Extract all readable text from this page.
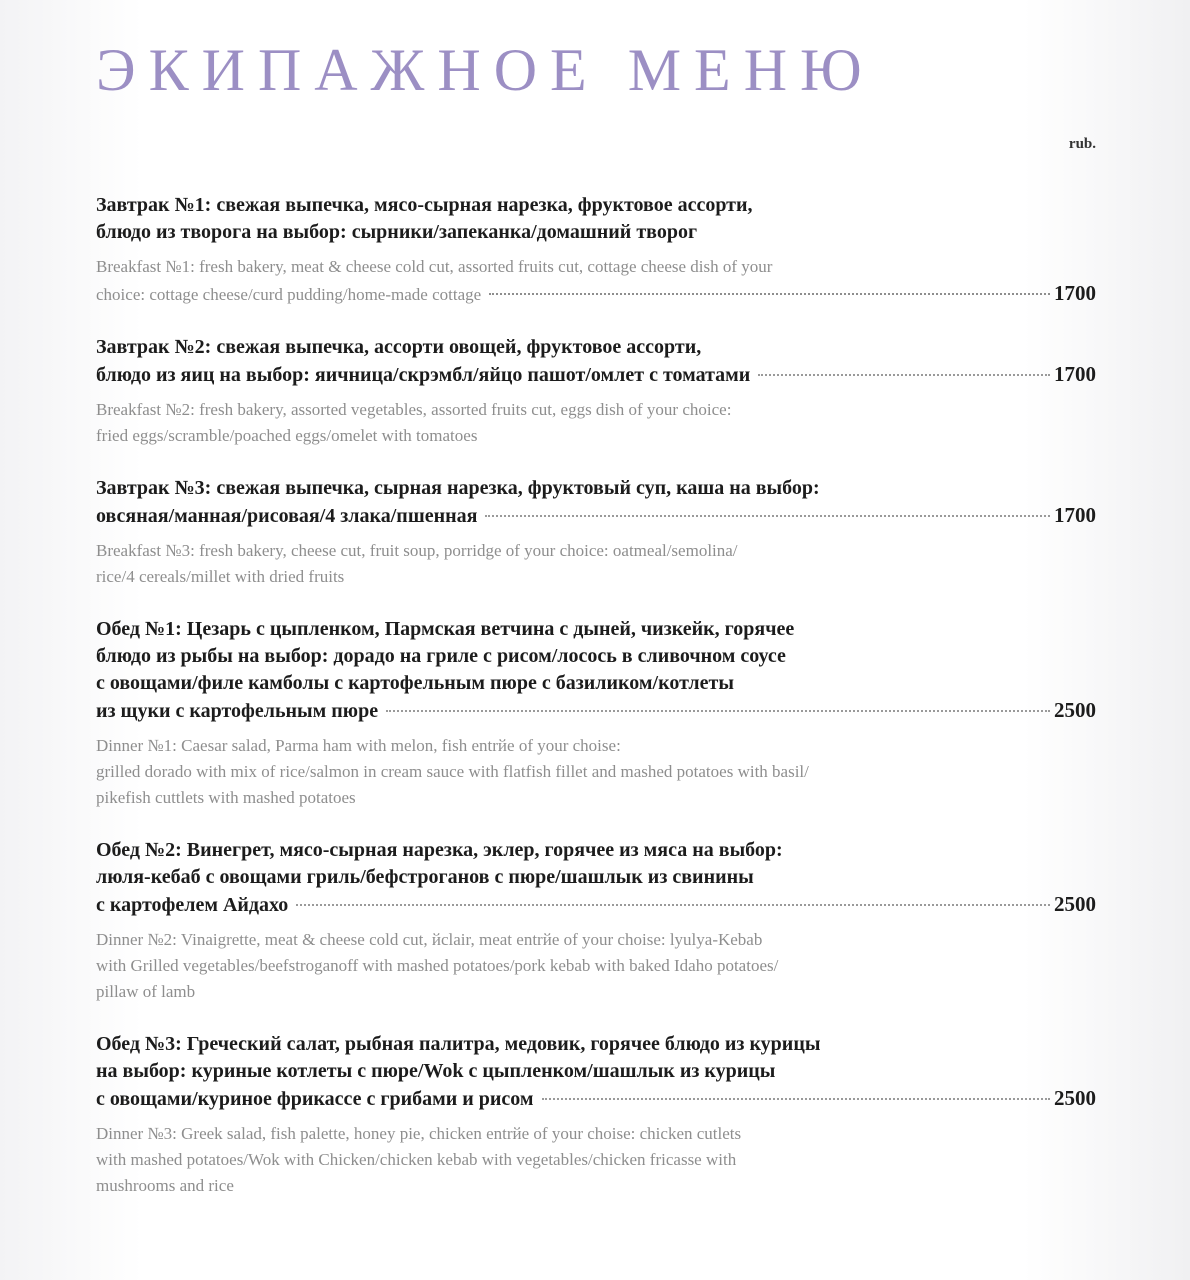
ЭКИПАЖНОЕ МЕНЮ
rub.
Завтрак №1: свежая выпечка, мясо-сырная нарезка, фруктовое ассорти,
блюдо из творога на выбор: сырники/запеканка/домашний творог
Breakfast №1: fresh bakery, meat & cheese cold cut, assorted fruits cut, cottage cheese dish of your
choice: cottage cheese/curd pudding/home-made cottage	1700
Завтрак №2: свежая выпечка, ассорти овощей, фруктовое ассорти,
блюдо из яиц на выбор: яичница/скрэмбл/яйцо пашот/омлет с томатами	1700
Breakfast №2: fresh bakery, assorted vegetables, assorted fruits cut, eggs dish of your choice:
fried eggs/scramble/poached eggs/omelet with tomatoes
Завтрак №3: свежая выпечка, сырная нарезка, фруктовый суп, каша на выбор:
овсяная/манная/рисовая/4 злака/пшенная	1700
Breakfast №3: fresh bakery, cheese cut, fruit soup, porridge of your choice: oatmeal/semolina/
rice/4 cereals/millet with dried fruits
Обед №1: Цезарь с цыпленком, Пармская ветчина с дыней, чизкейк, горячее
блюдо из рыбы на выбор: дорадо на гриле с рисом/лосось в сливочном соусе
с овощами/филе камболы с картофельным пюре с базиликом/котлеты
из щуки с картофельным пюре	2500
Dinner №1: Caesar salad, Parma ham with melon, fish entrйe of your choise:
grilled dorado with mix of rice/salmon in cream sauce with flatfish fillet and mashed potatoes with basil/
pikefish cuttlets with mashed potatoes
Обед №2: Винегрет, мясо-сырная нарезка, эклер, горячее из мяса на выбор:
люля-кебаб с овощами гриль/бефстроганов с пюре/шашлык из свинины
с картофелем Айдахо	2500
Dinner №2: Vinaigrette, meat & cheese cold cut, йclair, meat entrйe of your choise: lyulya-Kebab
with Grilled vegetables/beefstroganoff with mashed potatoes/pork kebab with baked Idaho potatoes/
pillaw of lamb
Обед №3: Греческий салат, рыбная палитра, медовик, горячее блюдо из курицы
на выбор: куриные котлеты с пюре/Wok с цыпленком/шашлык из курицы
с овощами/куриное фрикассе с грибами и рисом	2500
Dinner №3: Greek salad, fish palette, honey pie, chicken entrйe of your choise: chicken cutlets
with mashed potatoes/Wok with Chicken/chicken kebab with vegetables/chicken fricasse with
mushrooms and rice
